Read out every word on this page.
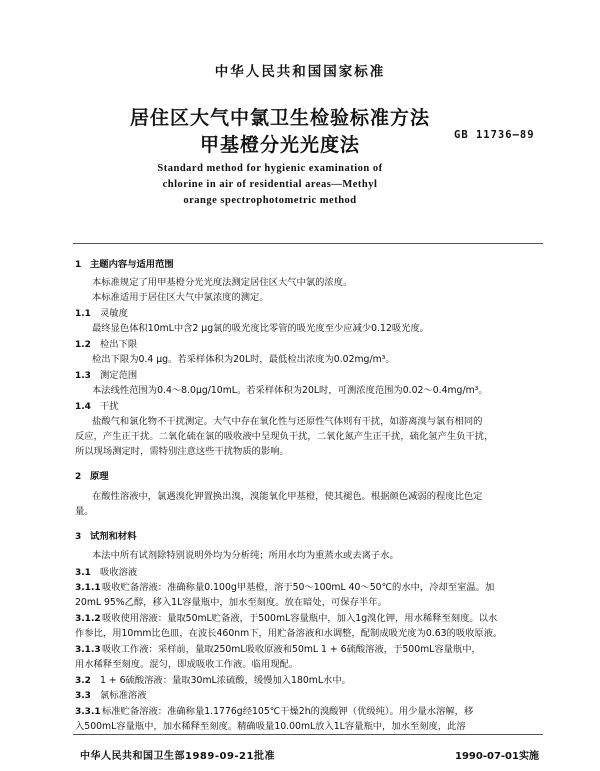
中华人民共和国国家标准
居住区大气中氯卫生检验标准方法
甲基橙分光光度法	GB 11736—89
Standard method for hygienic examination of
chlorine in air of residential areas—Methyl
orange spectrophotometric method
1 主题内容与适用范围
本标准规定了用甲基橙分光光度法测定居住区大气中氯的浓度。
本标准适用于居住区大气中氯浓度的测定。
1.1 灵敏度
最终显色体积10mL中含2 μg氯的吸光度比零管的吸光度至少应减少0.12吸光度。
1.2 检出下限
检出下限为0.4 μg。若采样体积为20L时，最低检出浓度为0.02mg/m³。
1.3 测定范围
本法线性范围为0.4～8.0μg/10mL。若采样体积为20L时，可测浓度范围为0.02～0.4mg/m³。
1.4 干扰
盐酸气和氯化物不干扰测定。大气中存在氧化性与还原性气体则有干扰，如游离溴与氯有相同的
反应，产生正干扰。二氧化硫在氯的吸收液中呈现负干扰，二氧化氮产生正干扰，硫化氢产生负干扰，
所以现场测定时，需特别注意这些干扰物质的影响。
2 原理
在酸性溶液中，氯遇溴化钾置换出溴，溴能氧化甲基橙，使其褪色。根据颜色减弱的程度比色定
量。
3 试剂和材料
本法中所有试剂除特别说明外均为分析纯；所用水均为重蒸水或去离子水。
3.1 吸收溶液
3.1.1 吸收贮备溶液：准确称量0.100g甲基橙，溶于50～100mL 40～50℃的水中，冷却至室温。加
20mL 95%乙醇，移入1L容量瓶中，加水至刻度。放在暗处，可保存半年。
3.1.2 吸收使用溶液：量取50mL贮备液，于500mL容量瓶中，加入1g溴化钾，用水稀释至刻度。以水
作参比，用10mm比色皿，在波长460nm下，用贮备溶液和水调整，配制成吸光度为0.63的吸收原液。
3.1.3 吸收工作液：采样前，量取250mL吸收原液和50mL 1 + 6硫酸溶液，于500mL容量瓶中，
用水稀释至刻度。混匀，即成吸收工作液。临用现配。
3.2 1 + 6硫酸溶液：量取30mL浓硫酸，缓慢加入180mL水中。
3.3 氯标准溶液
3.3.1 标准贮备溶液：准确称量1.1776g经105℃干燥2h的溴酸钾（优级纯）。用少量水溶解，移
入500mL容量瓶中，加水稀释至刻度。精确吸量10.00mL放入1L容量瓶中，加水至刻度，此溶
中华人民共和国卫生部1989-09-21批准	1990-07-01实施
